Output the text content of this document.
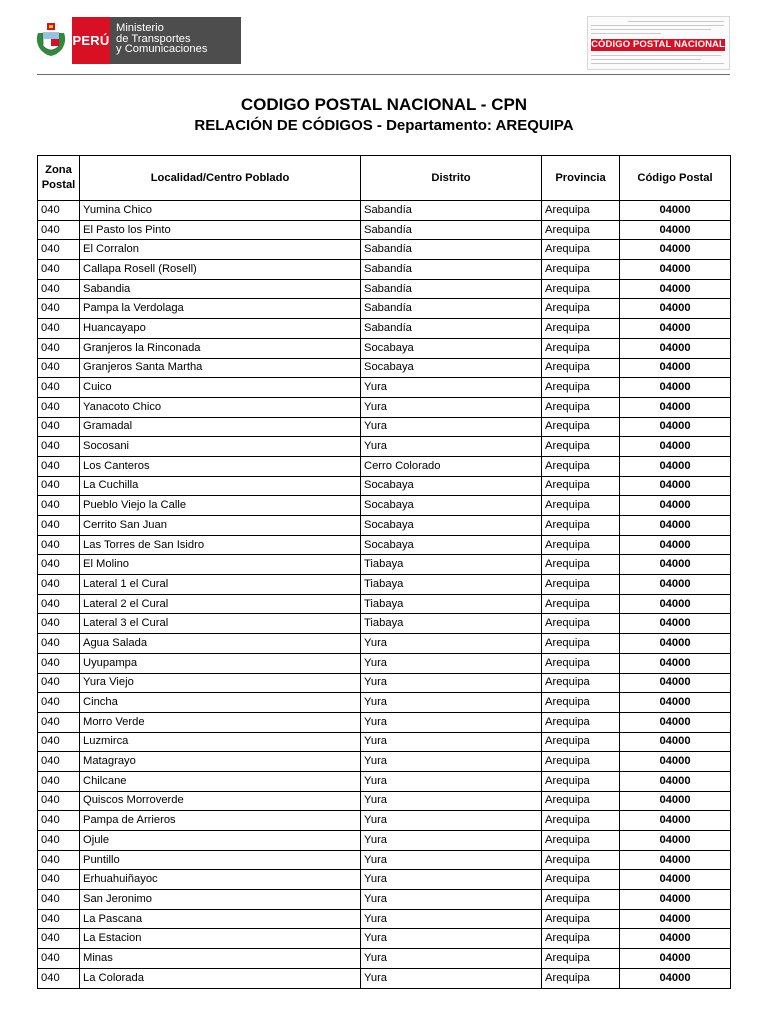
PERÚ
Ministerio
de Transportes
y Comunicaciones	CÓDIGO POSTAL NACIONAL
CODIGO POSTAL NACIONAL - CPN
RELACIÓN DE CÓDIGOS - Departamento: AREQUIPA
Zona
Postal	Localidad/Centro Poblado	Distrito	Provincia	Código Postal
040	Yumina Chico	Sabandía	Arequipa	04000
040	El Pasto los Pinto	Sabandía	Arequipa	04000
040	El Corralon	Sabandía	Arequipa	04000
040	Callapa Rosell (Rosell)	Sabandía	Arequipa	04000
040	Sabandia	Sabandía	Arequipa	04000
040	Pampa la Verdolaga	Sabandía	Arequipa	04000
040	Huancayapo	Sabandía	Arequipa	04000
040	Granjeros la Rinconada	Socabaya	Arequipa	04000
040	Granjeros Santa Martha	Socabaya	Arequipa	04000
040	Cuico	Yura	Arequipa	04000
040	Yanacoto Chico	Yura	Arequipa	04000
040	Gramadal	Yura	Arequipa	04000
040	Socosani	Yura	Arequipa	04000
040	Los Canteros	Cerro Colorado	Arequipa	04000
040	La Cuchilla	Socabaya	Arequipa	04000
040	Pueblo Viejo la Calle	Socabaya	Arequipa	04000
040	Cerrito San Juan	Socabaya	Arequipa	04000
040	Las Torres de San Isidro	Socabaya	Arequipa	04000
040	El Molino	Tiabaya	Arequipa	04000
040	Lateral 1 el Cural	Tiabaya	Arequipa	04000
040	Lateral 2 el Cural	Tiabaya	Arequipa	04000
040	Lateral 3 el Cural	Tiabaya	Arequipa	04000
040	Agua Salada	Yura	Arequipa	04000
040	Uyupampa	Yura	Arequipa	04000
040	Yura Viejo	Yura	Arequipa	04000
040	Cincha	Yura	Arequipa	04000
040	Morro Verde	Yura	Arequipa	04000
040	Luzmirca	Yura	Arequipa	04000
040	Matagrayo	Yura	Arequipa	04000
040	Chilcane	Yura	Arequipa	04000
040	Quiscos Morroverde	Yura	Arequipa	04000
040	Pampa de Arrieros	Yura	Arequipa	04000
040	Ojule	Yura	Arequipa	04000
040	Puntillo	Yura	Arequipa	04000
040	Erhuahuiñayoc	Yura	Arequipa	04000
040	San Jeronimo	Yura	Arequipa	04000
040	La Pascana	Yura	Arequipa	04000
040	La Estacion	Yura	Arequipa	04000
040	Minas	Yura	Arequipa	04000
040	La Colorada	Yura	Arequipa	04000
